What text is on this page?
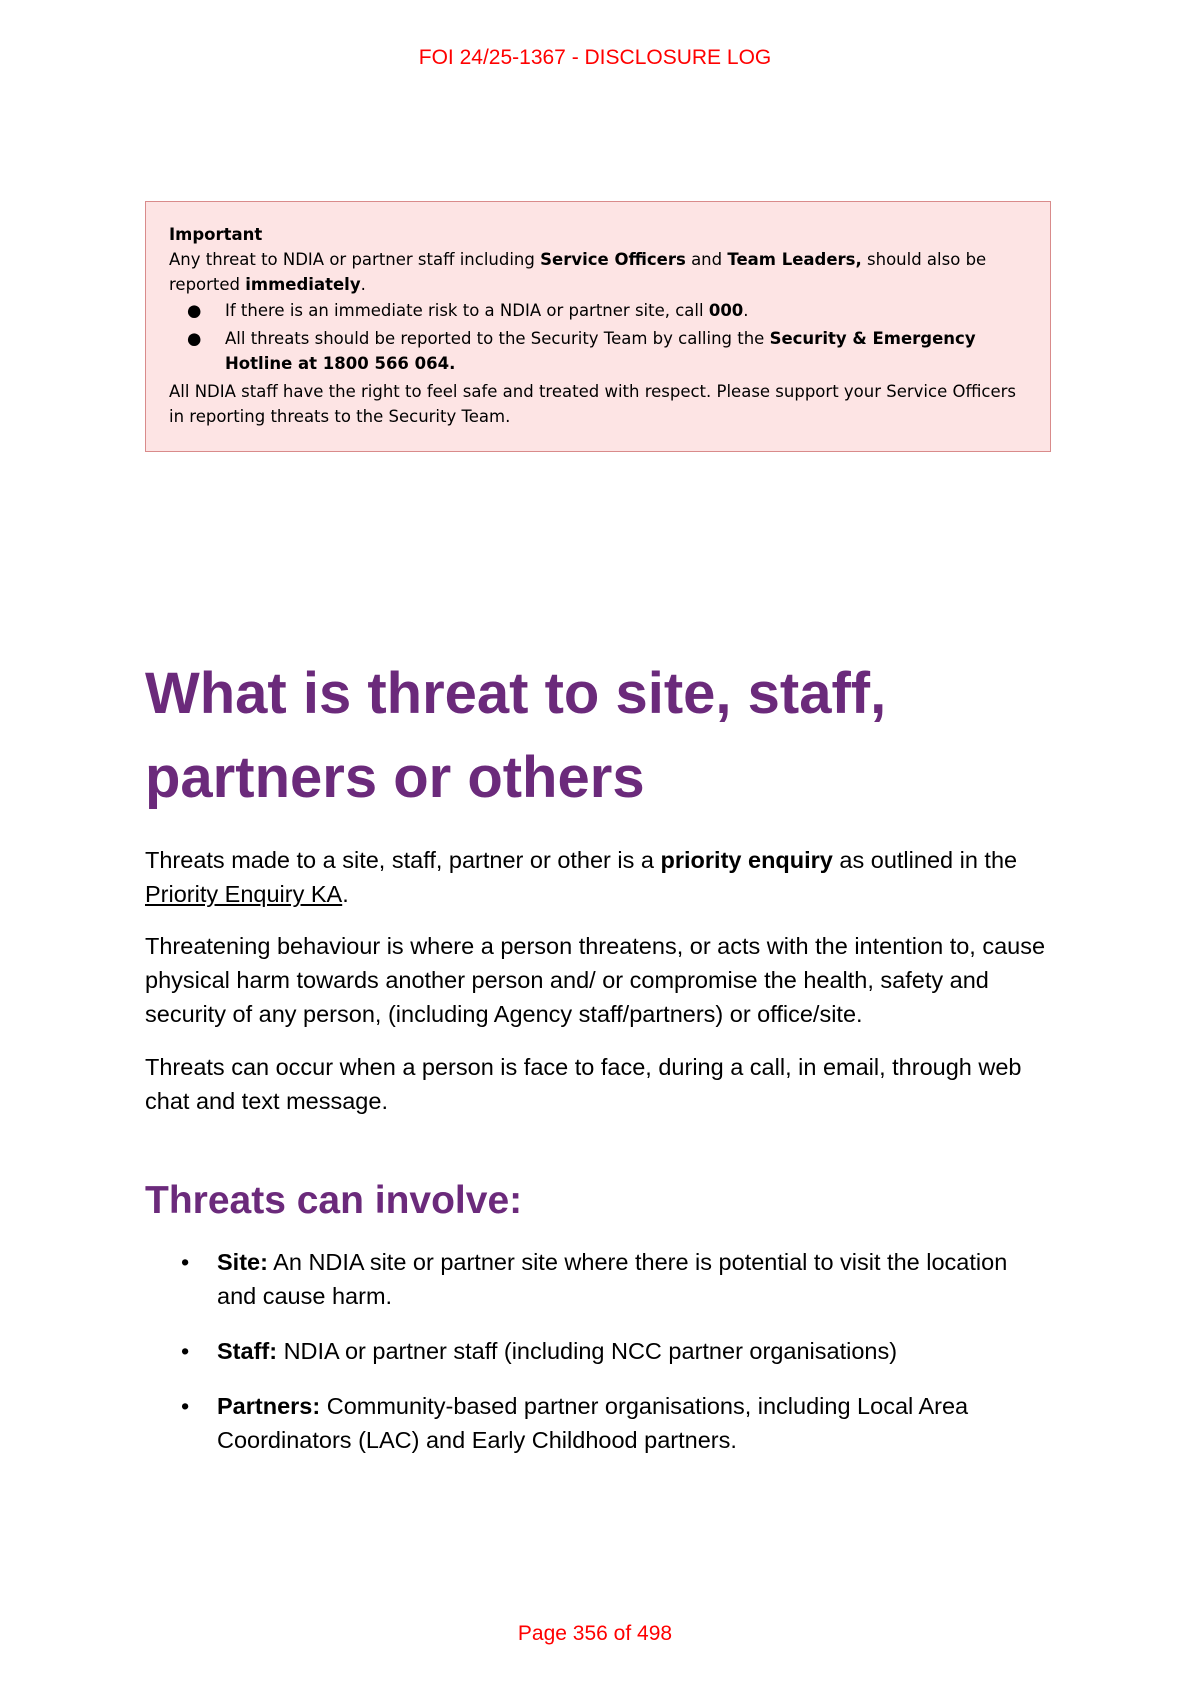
FOI 24/25-1367 - DISCLOSURE LOG
Important
Any threat to NDIA or partner staff including Service Officers and Team Leaders, should also be reported immediately.
● If there is an immediate risk to a NDIA or partner site, call 000.
● All threats should be reported to the Security Team by calling the Security & Emergency Hotline at 1800 566 064.
All NDIA staff have the right to feel safe and treated with respect. Please support your Service Officers in reporting threats to the Security Team.
What is threat to site, staff, partners or others

Threats made to a site, staff, partner or other is a priority enquiry as outlined in the Priority Enquiry KA.

Threatening behaviour is where a person threatens, or acts with the intention to, cause physical harm towards another person and/ or compromise the health, safety and security of any person, (including Agency staff/partners) or office/site.

Threats can occur when a person is face to face, during a call, in email, through web chat and text message.

Threats can involve:
• Site: An NDIA site or partner site where there is potential to visit the location and cause harm.
• Staff: NDIA or partner staff (including NCC partner organisations)
• Partners: Community-based partner organisations, including Local Area Coordinators (LAC) and Early Childhood partners.
Page 356 of 498
